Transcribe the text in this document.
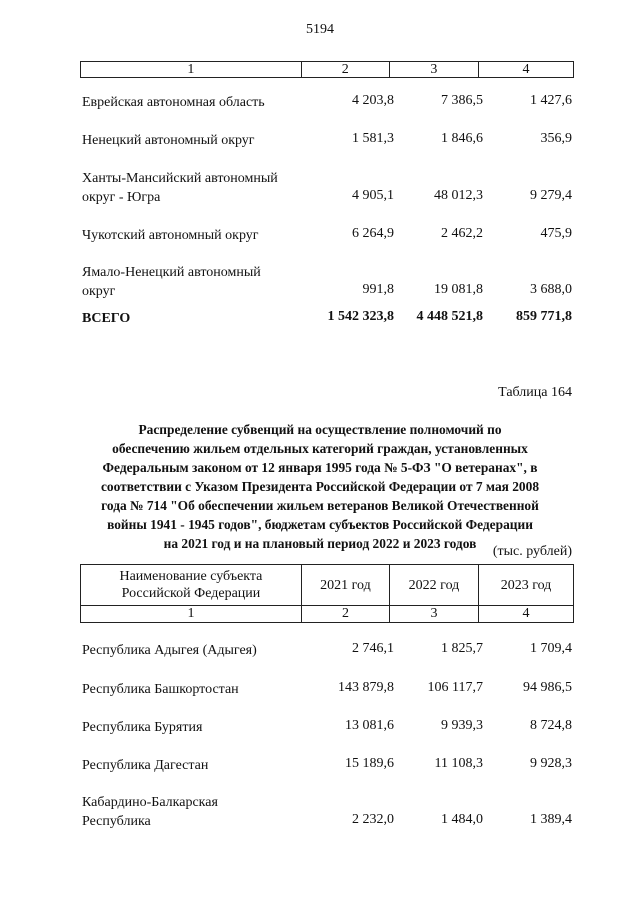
5194
1	2	3	4
Еврейская автономная область	4 203,8	7 386,5	1 427,6
Ненецкий автономный округ	1 581,3	1 846,6	356,9
Ханты-Мансийский автономный
округ - Югра	4 905,1	48 012,3	9 279,4
Чукотский автономный округ	6 264,9	2 462,2	475,9
Ямало-Ненецкий автономный
округ	991,8	19 081,8	3 688,0
ВСЕГО	1 542 323,8	4 448 521,8	859 771,8
Таблица 164
Распределение субвенций на осуществление полномочий по
обеспечению жильем отдельных категорий граждан, установленных
Федеральным законом от 12 января 1995 года № 5-ФЗ "О ветеранах", в
соответствии с Указом Президента Российской Федерации от 7 мая 2008
года № 714 "Об обеспечении жильем ветеранов Великой Отечественной
войны 1941 - 1945 годов", бюджетам субъектов Российской Федерации
на 2021 год и на плановый период 2022 и 2023 годов
(тыс. рублей)
Наименование субъекта
Российской Федерации	2021 год	2022 год	2023 год
1	2	3	4
Республика Адыгея (Адыгея)	2 746,1	1 825,7	1 709,4
Республика Башкортостан	143 879,8	106 117,7	94 986,5
Республика Бурятия	13 081,6	9 939,3	8 724,8
Республика Дагестан	15 189,6	11 108,3	9 928,3
Кабардино-Балкарская
Республика	2 232,0	1 484,0	1 389,4
